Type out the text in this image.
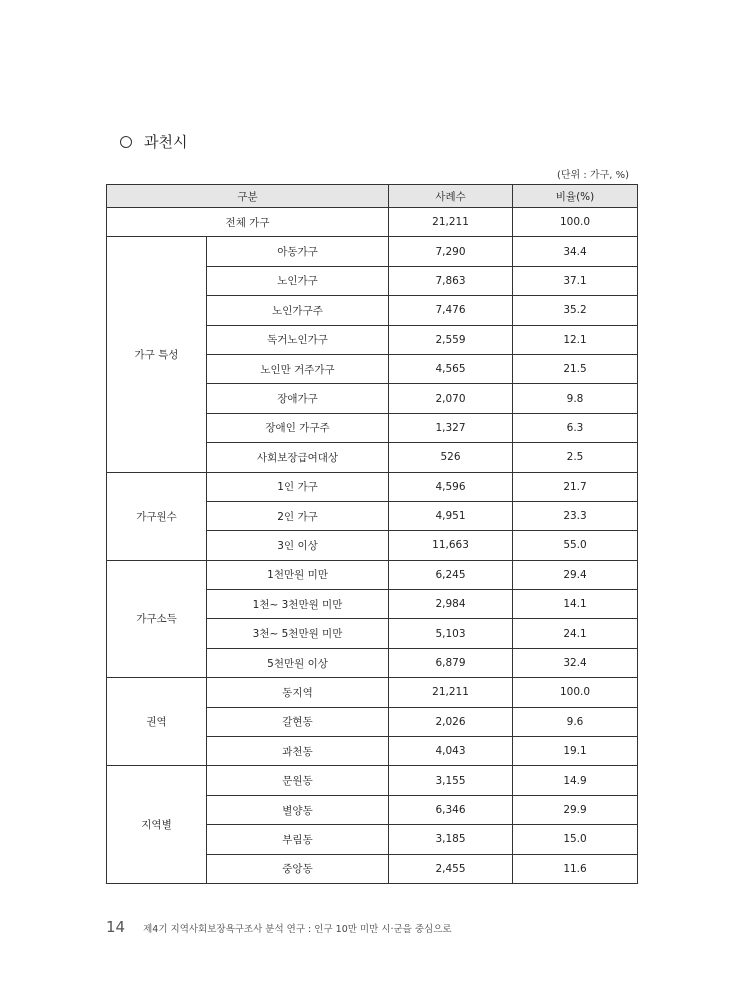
과천시
(단위 : 가구, %)
구분		사례수	비율(%)
전체 가구		21,211	100.0
가구 특성	아동가구	7,290	34.4
	노인가구	7,863	37.1
	노인가구주	7,476	35.2
	독거노인가구	2,559	12.1
	노인만 거주가구	4,565	21.5
	장애가구	2,070	9.8
	장애인 가구주	1,327	6.3
	사회보장급여대상	526	2.5
가구원수	1인 가구	4,596	21.7
	2인 가구	4,951	23.3
	3인 이상	11,663	55.0
가구소득	1천만원 미만	6,245	29.4
	1천~ 3천만원 미만	2,984	14.1
	3천~ 5천만원 미만	5,103	24.1
	5천만원 이상	6,879	32.4
권역	동지역	21,211	100.0
	갈현동	2,026	9.6
	과천동	4,043	19.1
지역별	문원동	3,155	14.9
	별양동	6,346	29.9
	부림동	3,185	15.0
	중앙동	2,455	11.6
14 제4기 지역사회보장욕구조사 분석 연구 : 인구 10만 미만 시·군을 중심으로
